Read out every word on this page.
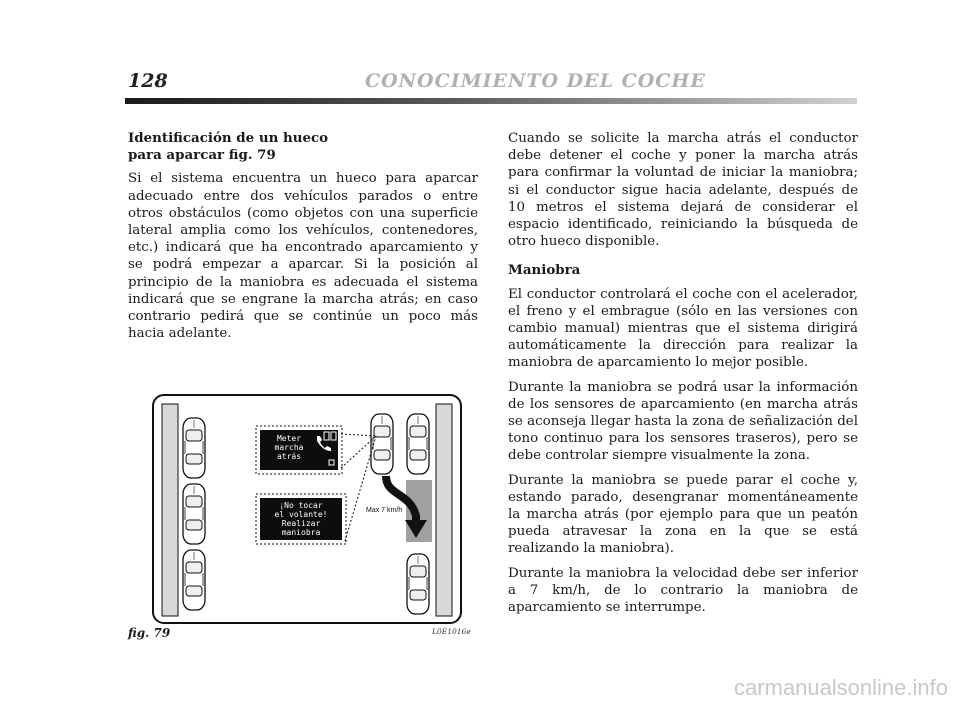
128	CONOCIMIENTO DEL COCHE
Identificación de un hueco
para aparcar fig. 79

Si el sistema encuentra un hueco para aparcar adecuado entre dos vehículos parados o entre otros obstáculos (como objetos con una superficie lateral amplia como los vehículos, contenedores, etc.) indicará que ha encontrado aparcamiento y se podrá empezar a aparcar. Si la posición al principio de la maniobra es adecuada el sistema indicará que se engrane la marcha atrás; en caso contrario pedirá que se continúe un poco más hacia adelante.

Cuando se solicite la marcha atrás el conductor debe detener el coche y poner la marcha atrás para confirmar la voluntad de iniciar la maniobra; si el conductor sigue hacia adelante, después de 10 metros el sistema dejará de considerar el espacio identificado, reiniciando la búsqueda de otro hueco disponible.

Maniobra

El conductor controlará el coche con el acelerador, el freno y el embrague (sólo en las versiones con cambio manual) mientras que el sistema dirigirá automáticamente la dirección para realizar la maniobra de aparcamiento lo mejor posible.

Durante la maniobra se podrá usar la información de los sensores de aparcamiento (en marcha atrás se aconseja llegar hasta la zona de señalización del tono continuo para los sensores traseros), pero se debe controlar siempre visualmente la zona.

Durante la maniobra se puede parar el coche y, estando parado, desengranar momentáneamente la marcha atrás (por ejemplo para que un peatón pueda atravesar la zona en la que se está realizando la maniobra).

Durante la maniobra la velocidad debe ser inferior a 7 km/h, de lo contrario la maniobra de aparcamiento se interrumpe.

Meter
marcha
atrás
¡No tocar
el volante!
Realizar
maniobra
Max 7 km/h
fig. 79	L0E1016e
carmanualsonline.info
